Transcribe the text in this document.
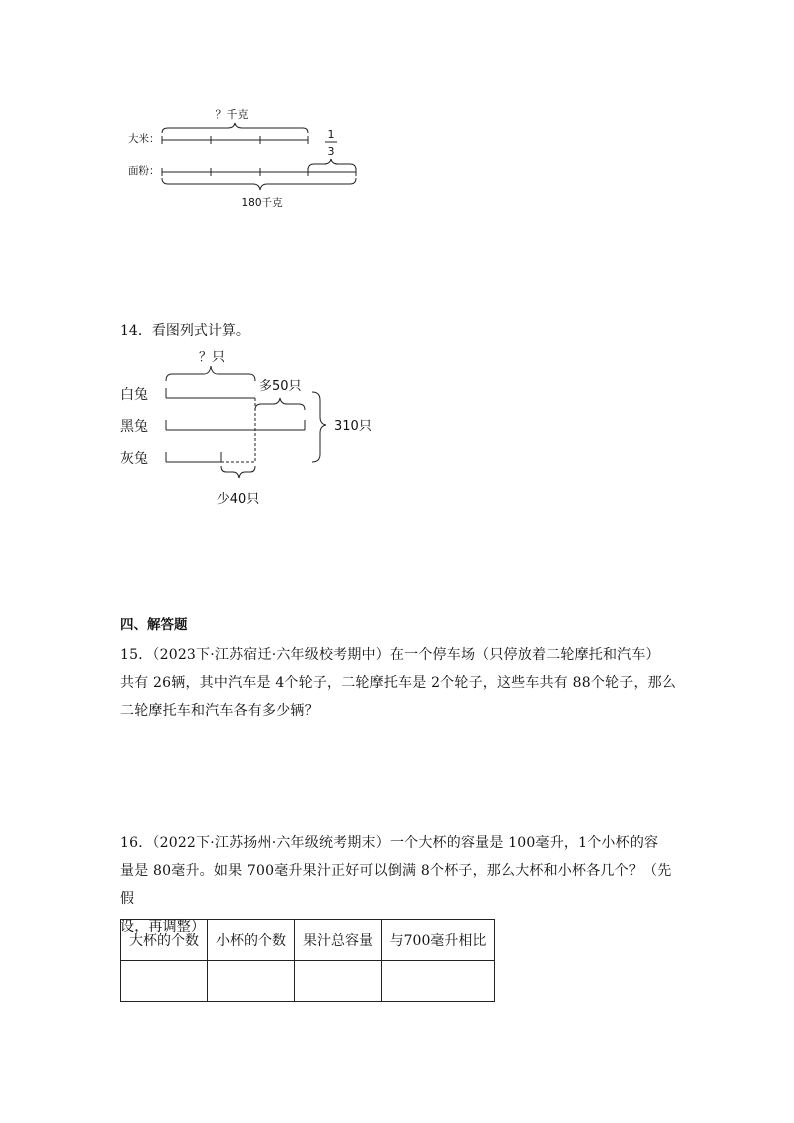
？千克
大米：	1
3
面粉：
180千克
14．看图列式计算。
？只
白兔
多50只
黑兔
灰兔
少40只
310只
四、解答题
15．（2023下·江苏宿迁·六年级校考期中）在一个停车场（只停放着二轮摩托和汽车）
共有 26辆，其中汽车是 4个轮子，二轮摩托车是 2个轮子，这些车共有 88个轮子，那么
二轮摩托车和汽车各有多少辆？
16．（2022下·江苏扬州·六年级统考期末）一个大杯的容量是 100毫升，1个小杯的容
量是 80毫升。如果 700毫升果汁正好可以倒满 8个杯子，那么大杯和小杯各几个？（先假
设，再调整）
大杯的个数	小杯的个数	果汁总容量	与700毫升相比
